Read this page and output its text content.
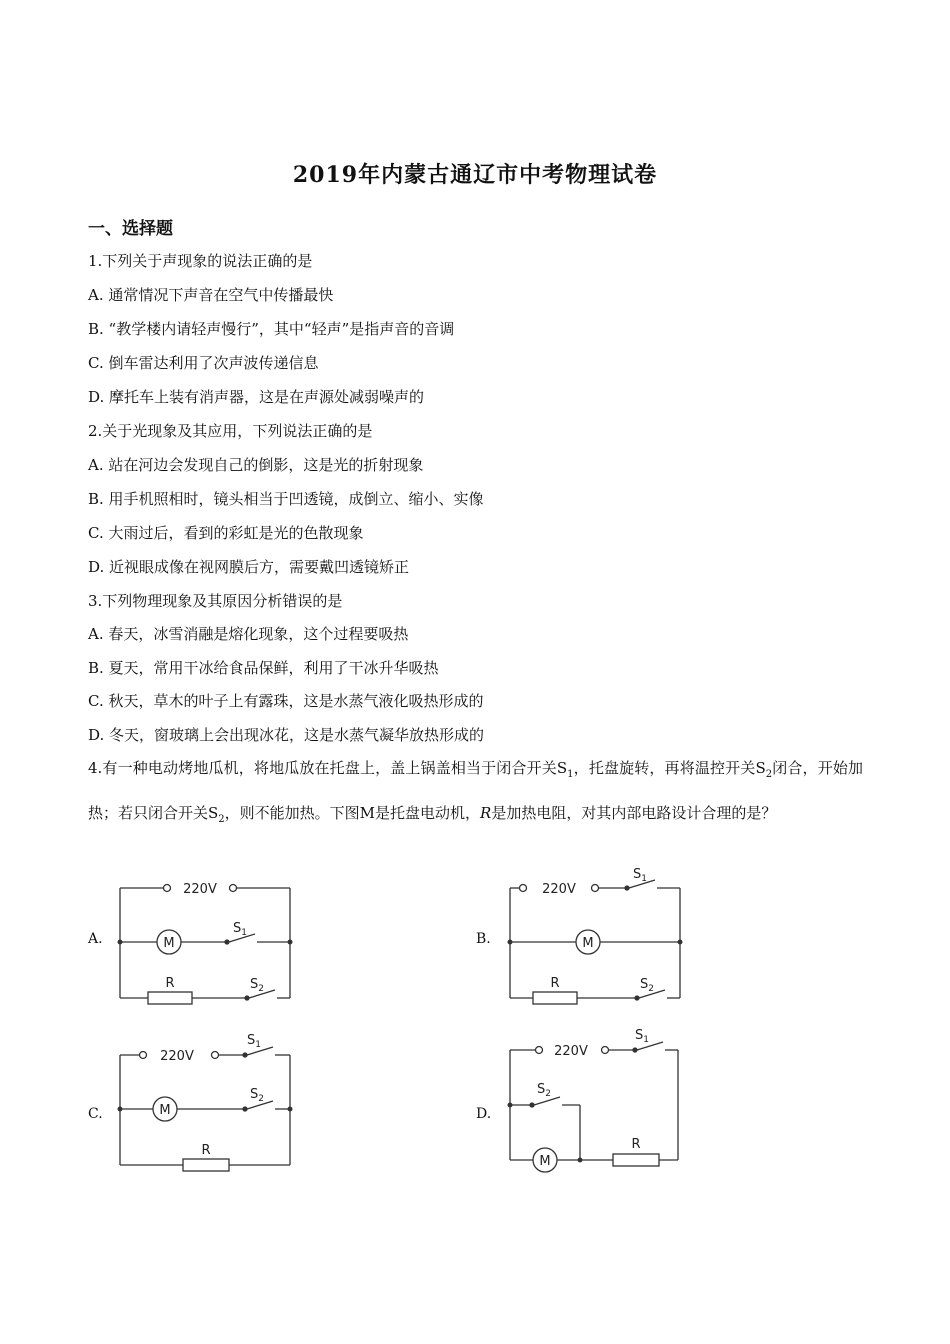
2019年内蒙古通辽市中考物理试卷
一、选择题
1.下列关于声现象的说法正确的是
A. 通常情况下声音在空气中传播最快
B. “教学楼内请轻声慢行”，其中“轻声”是指声音的音调
C. 倒车雷达利用了次声波传递信息
D. 摩托车上装有消声器，这是在声源处减弱噪声的
2.关于光现象及其应用，下列说法正确的是
A. 站在河边会发现自己的倒影，这是光的折射现象
B. 用手机照相时，镜头相当于凹透镜，成倒立、缩小、实像
C. 大雨过后，看到的彩虹是光的色散现象
D. 近视眼成像在视网膜后方，需要戴凹透镜矫正
3.下列物理现象及其原因分析错误的是
A. 春天，冰雪消融是熔化现象，这个过程要吸热
B. 夏天，常用干冰给食品保鲜，利用了干冰升华吸热
C. 秋天，草木的叶子上有露珠，这是水蒸气液化吸热形成的
D. 冬天，窗玻璃上会出现冰花，这是水蒸气凝华放热形成的
4.有一种电动烤地瓜机，将地瓜放在托盘上，盖上锅盖相当于闭合开关$S_1$，托盘旋转，再将温控开关$S_2$闭合，开始加热；若只闭合开关$S_2$，则不能加热。下图M是托盘电动机，R是加热电阻，对其内部电路设计合理的是？
A.	B.
C.	D.
220V
M
R
$S_1$
$S_2$
220V
M
R
$S_1$
$S_2$
220V
M
R
$S_1$
$S_2$
220V
M
R
$S_1$
$S_2$
